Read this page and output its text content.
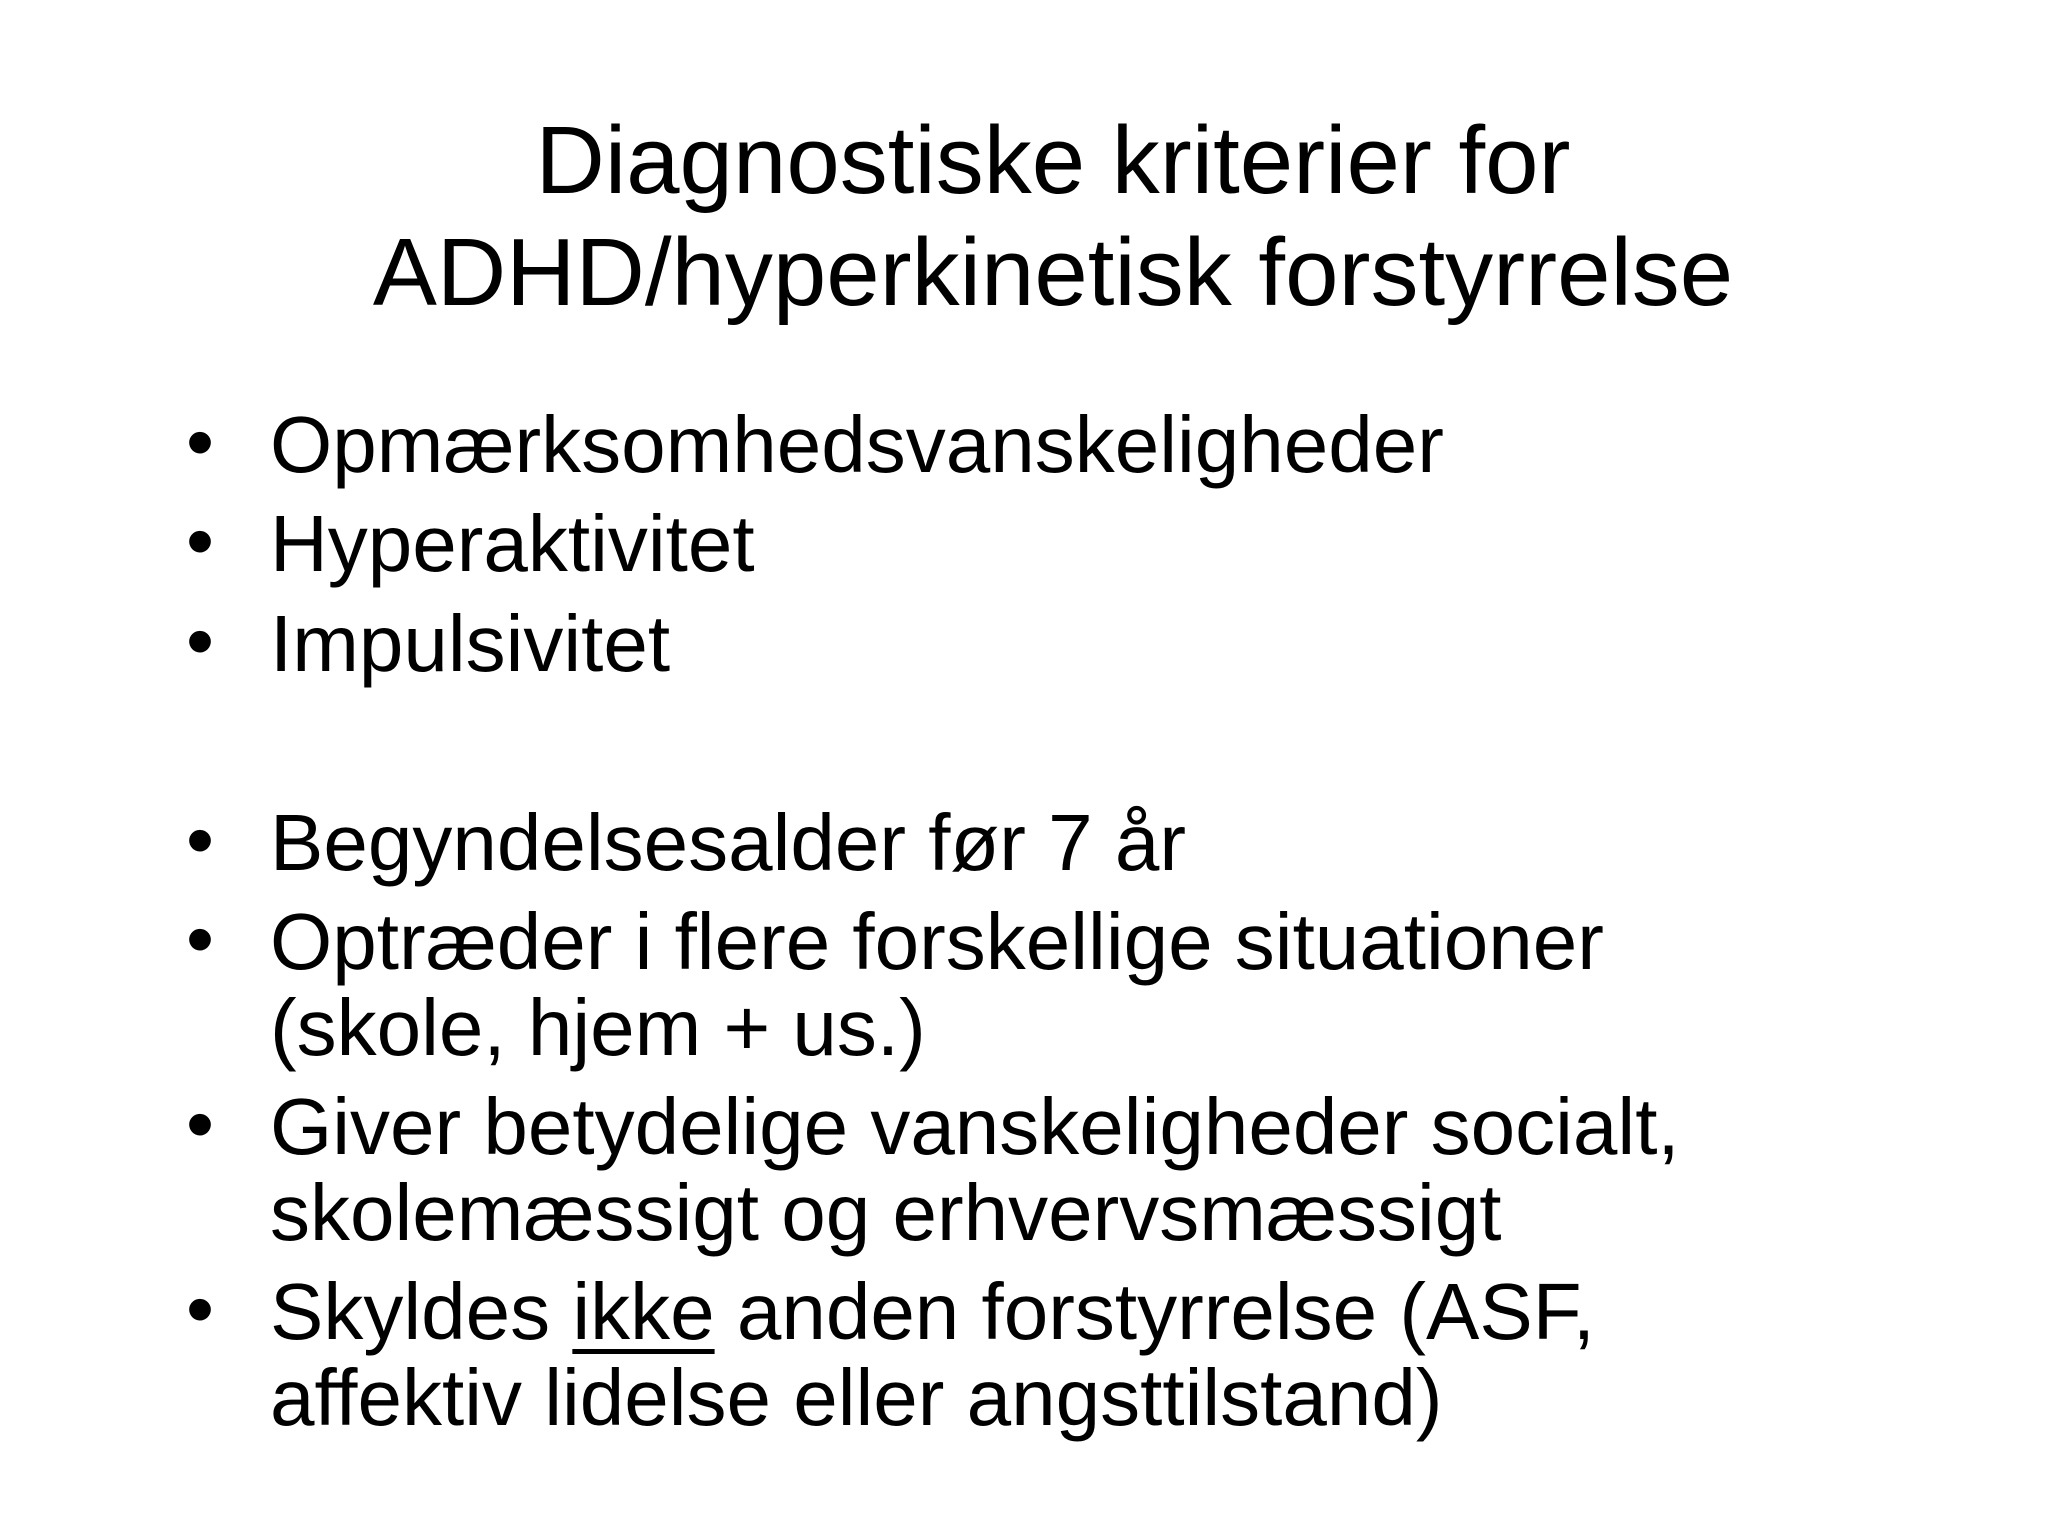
Diagnostiske kriterier for
ADHD/hyperkinetisk forstyrrelse
• Opmærksomhedsvanskeligheder
• Hyperaktivitet
• Impulsivitet
• Begyndelsesalder før 7 år
• Optræder i flere forskellige situationer
(skole, hjem + us.)
• Giver betydelige vanskeligheder socialt,
skolemæssigt og erhvervsmæssigt
• Skyldes ikke anden forstyrrelse (ASF,
affektiv lidelse eller angsttilstand)
